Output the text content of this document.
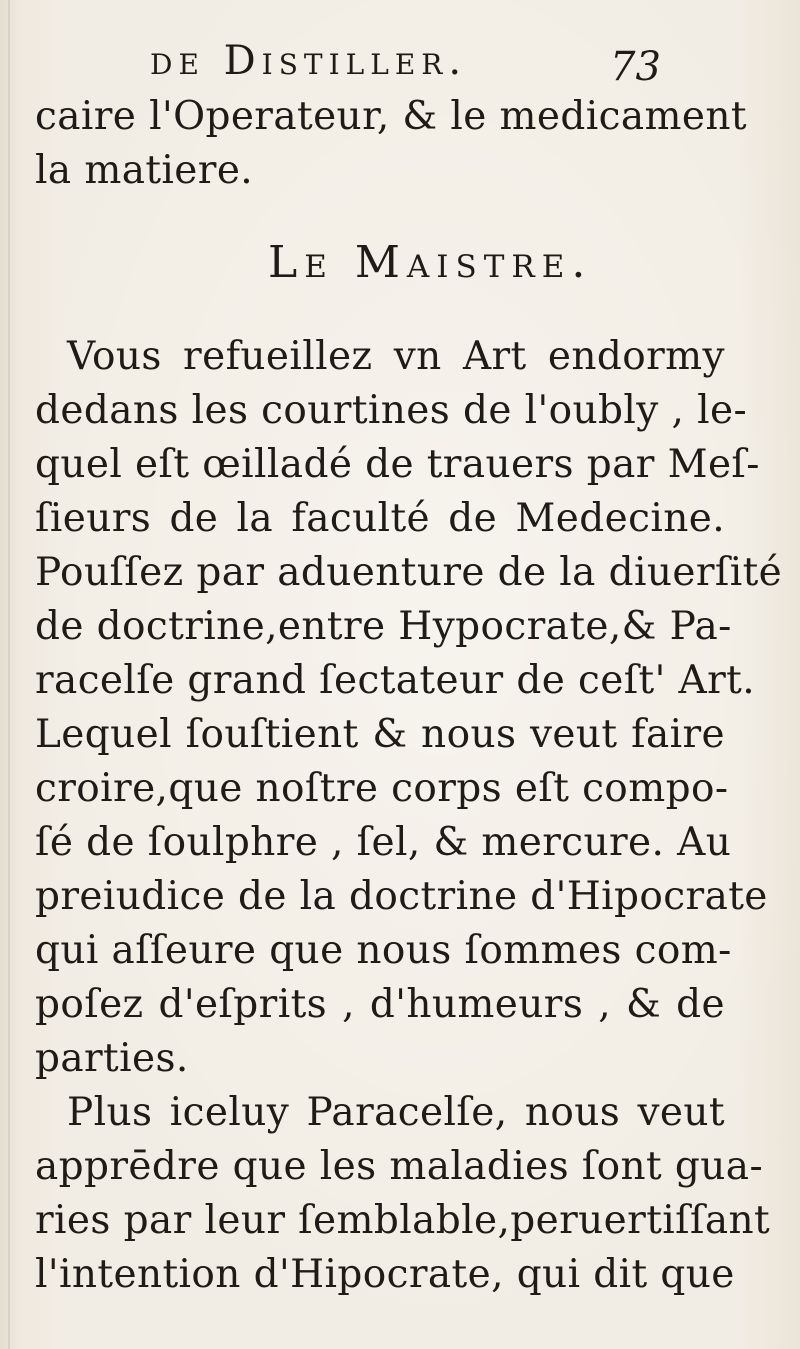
de Distiller.	73
caire l'Operateur, & le medicament
la matiere.
Le Maistre.
Vous refueillez vn Art endormy
dedans les courtines de l'oubly , le-
quel eſt œilladé de trauers par Meſ-
ſieurs de la faculté de Medecine.
Pouſſez par aduenture de la diuerſité
de doctrine,entre Hypocrate,& Pa-
racelſe grand ſectateur de ceſt' Art.
Lequel ſouſtient & nous veut faire
croire,que noſtre corps eſt compo-
ſé de ſoulphre , ſel, & mercure. Au
preiudice de la doctrine d'Hipocrate
qui aſſeure que nous ſommes com-
poſez d'eſprits , d'humeurs , & de
parties.
Plus iceluy Paracelſe, nous veut
apprēdre que les maladies ſont gua-
ries par leur ſemblable,peruertiſſant
l'intention d'Hipocrate, qui dit que
